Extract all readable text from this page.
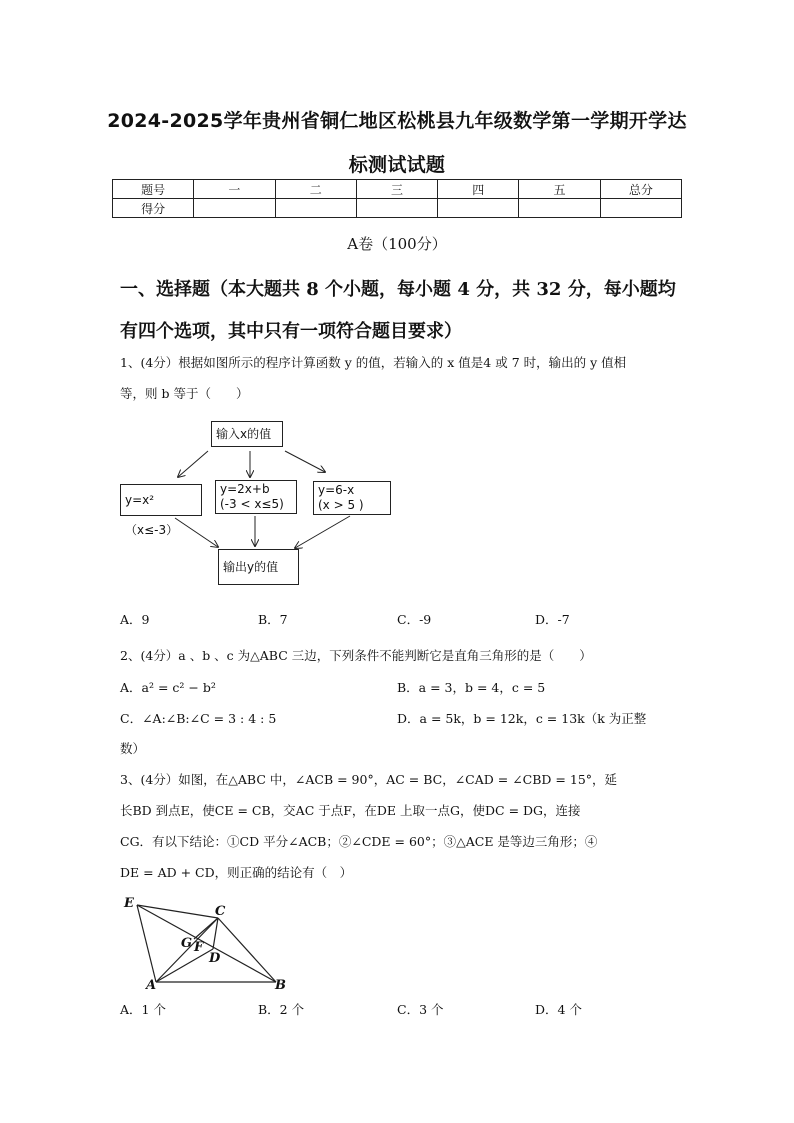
2024-2025学年贵州省铜仁地区松桃县九年级数学第一学期开学达
标测试试题
题号	一	二	三	四	五	总分
得分						
A卷（100分）
一、选择题（本大题共 8 个小题，每小题 4 分，共 32 分，每小题均
有四个选项，其中只有一项符合题目要求）
1、(4分）根据如图所示的程序计算函数 y 的值，若输入的 x 值是4 或 7 时，输出的 y 值相
等，则 b 等于（　　）
输入x的值
y=x²（x≤-3）
y=2x+b
(-3 < x≤5)
y=6-x
(x > 5 )
输出y的值
A．9	B．7	C．-9	D．-7
2、(4分）a 、b 、c 为△ABC 三边，下列条件不能判断它是直角三角形的是（　　）
A．a² = c² − b²	B．a = 3，b = 4，c = 5
C．∠A:∠B:∠C = 3 : 4 : 5	D．a = 5k，b = 12k，c = 13k（k 为正整
数）
3、(4分）如图，在△ABC 中，∠ACB = 90°，AC = BC，∠CAD = ∠CBD = 15°，延
长BD 到点E，使CE = CB，交AC 于点F，在DE 上取一点G，使DC = DG，连接
CG．有以下结论：①CD 平分∠ACB；②∠CDE = 60°；③△ACE 是等边三角形；④
DE = AD + CD，则正确的结论有（　）
E
C
G F
D
A	B
A．1 个	B．2 个	C．3 个	D．4 个
